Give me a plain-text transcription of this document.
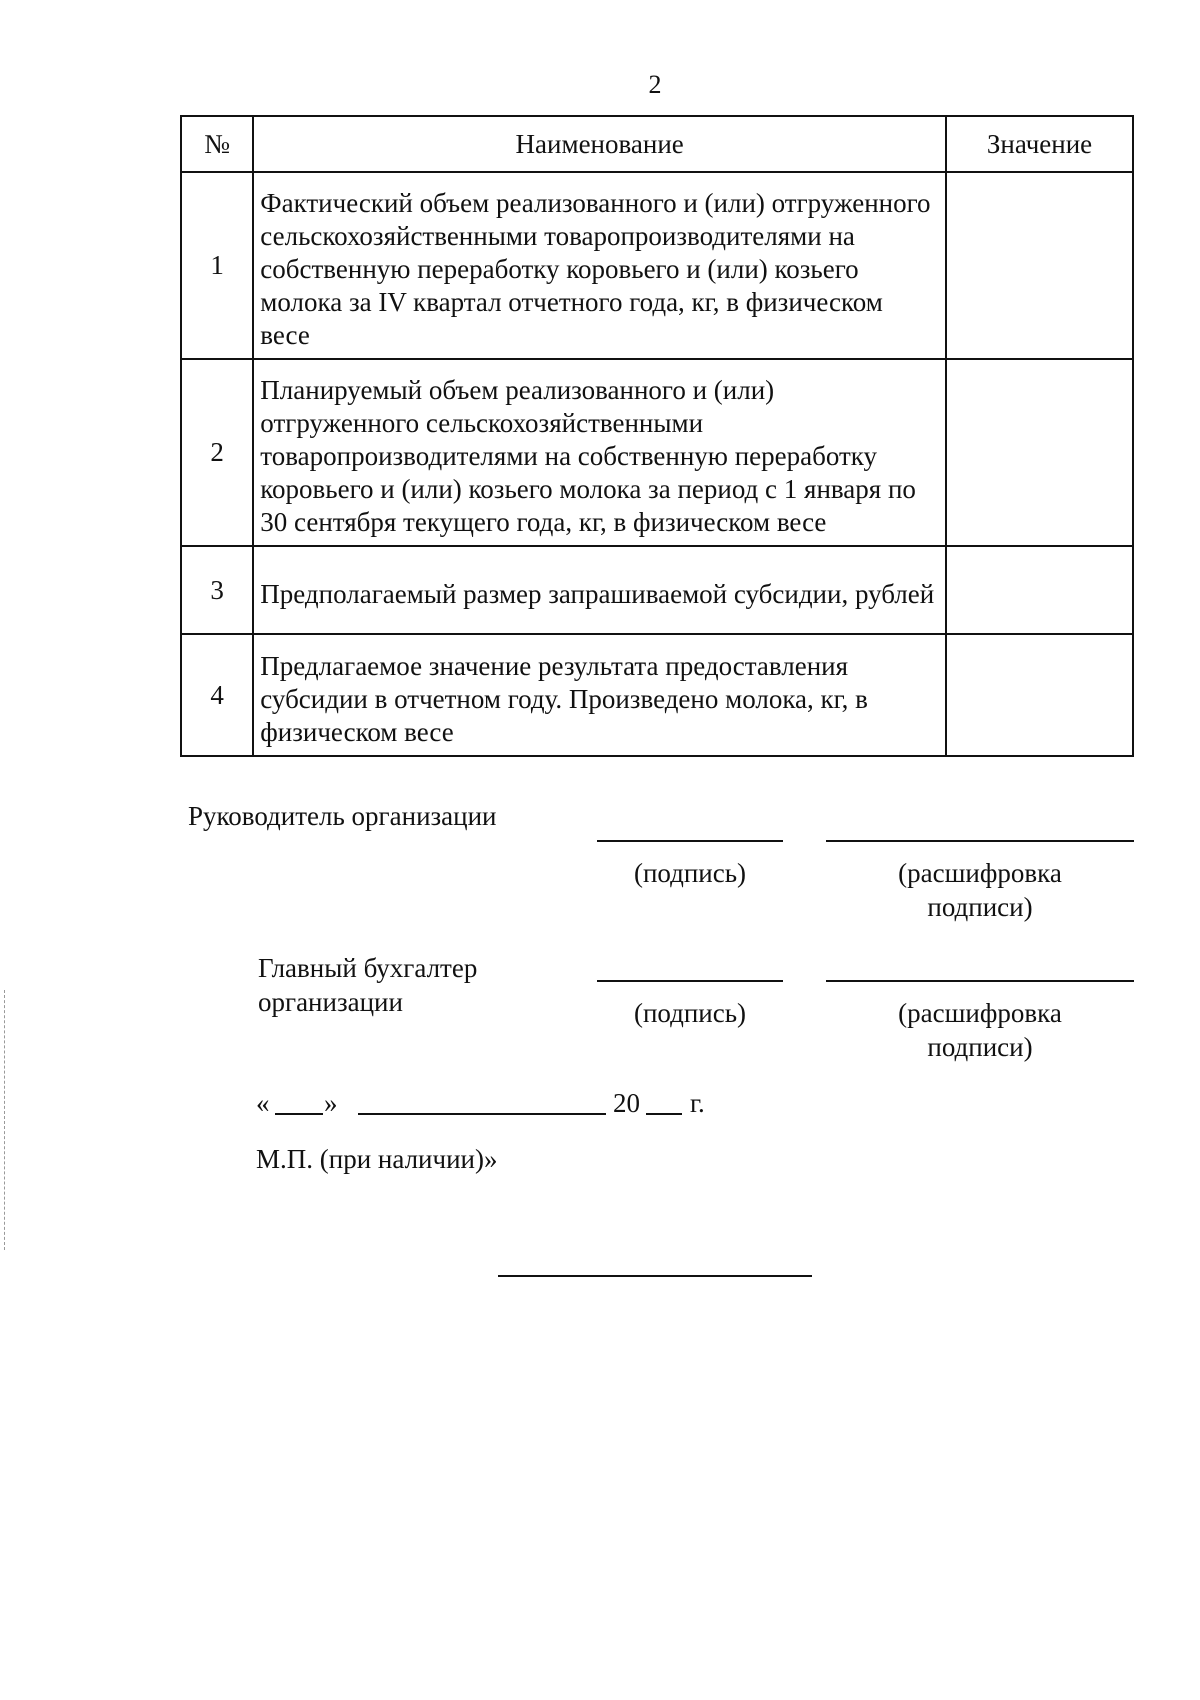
2
№	Наименование	Значение
1	Фактический объем реализованного и (или) отгруженного сельскохозяйственными товаропроизводителями на собственную переработку коровьего и (или) козьего молока за IV квартал отчетного года, кг, в физическом весе	
2	Планируемый объем реализованного и (или) отгруженного сельскохозяйственными товаропроизводителями на собственную переработку коровьего и (или) козьего молока за период с 1 января по 30 сентября текущего года, кг, в физическом весе	
3	Предполагаемый размер запрашиваемой субсидии, рублей	
4	Предлагаемое значение результата предоставления субсидии в отчетном году. Произведено молока, кг, в физическом весе	
Руководитель организации
(подпись)	(расшифровка
подписи)
Главный бухгалтер
организации	(подпись)	(расшифровка
подписи)
« »	20 г.
М.П. (при наличии)»
